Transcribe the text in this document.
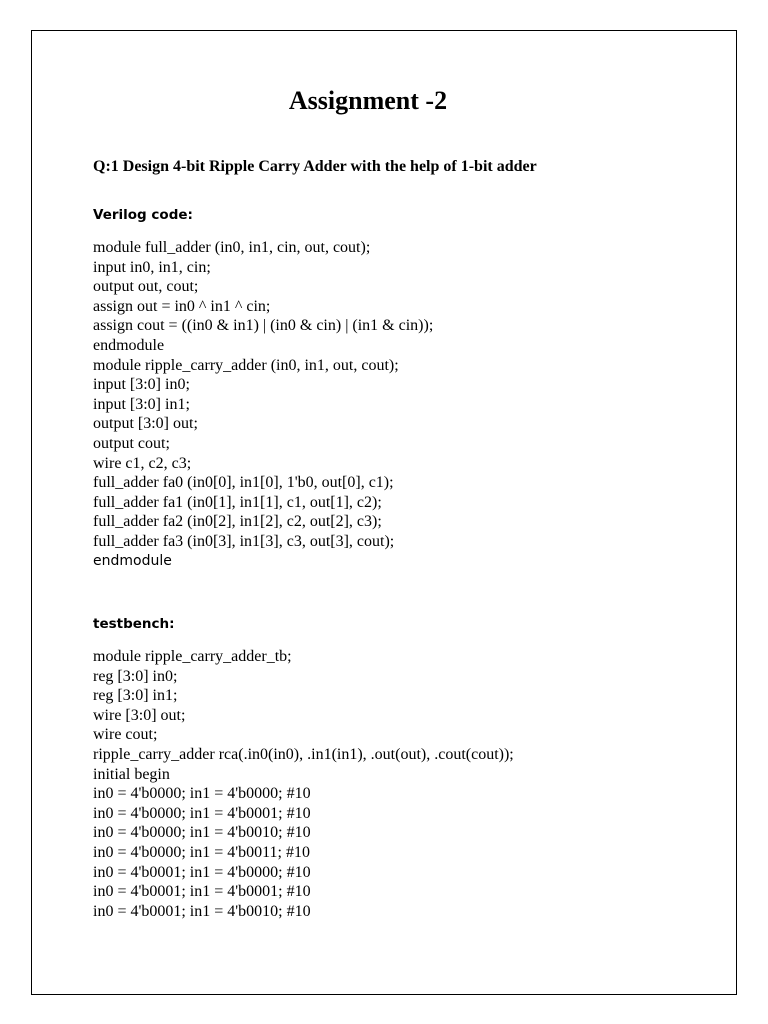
Assignment -2

Q:1 Design 4-bit Ripple Carry Adder with the help of 1-bit adder

Verilog code:

module full_adder (in0, in1, cin, out, cout);
input in0, in1, cin;
output out, cout;
assign out = in0 ^ in1 ^ cin;
assign cout = ((in0 & in1) | (in0 & cin) | (in1 & cin));
endmodule
module ripple_carry_adder (in0, in1, out, cout);
input [3:0] in0;
input [3:0] in1;
output [3:0] out;
output cout;
wire c1, c2, c3;
full_adder fa0 (in0[0], in1[0], 1'b0, out[0], c1);
full_adder fa1 (in0[1], in1[1], c1, out[1], c2);
full_adder fa2 (in0[2], in1[2], c2, out[2], c3);
full_adder fa3 (in0[3], in1[3], c3, out[3], cout);
endmodule

testbench:

module ripple_carry_adder_tb;
reg [3:0] in0;
reg [3:0] in1;
wire [3:0] out;
wire cout;
ripple_carry_adder rca(.in0(in0), .in1(in1), .out(out), .cout(cout));
initial begin
in0 = 4'b0000; in1 = 4'b0000; #10
in0 = 4'b0000; in1 = 4'b0001; #10
in0 = 4'b0000; in1 = 4'b0010; #10
in0 = 4'b0000; in1 = 4'b0011; #10
in0 = 4'b0001; in1 = 4'b0000; #10
in0 = 4'b0001; in1 = 4'b0001; #10
in0 = 4'b0001; in1 = 4'b0010; #10
